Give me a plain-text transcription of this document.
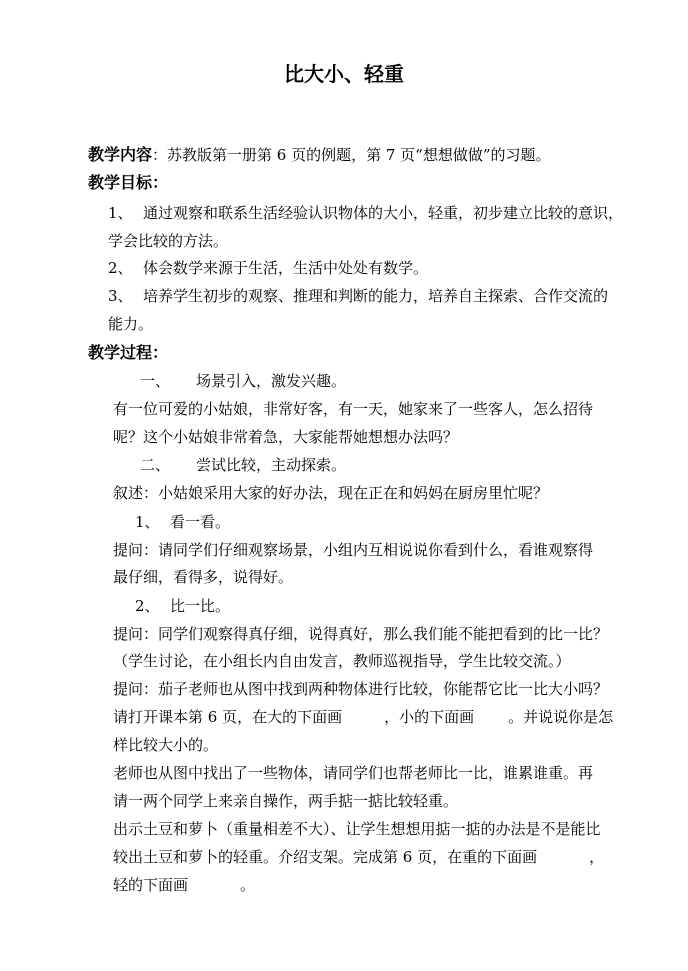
比大小、轻重
教学内容：苏教版第一册第 6 页的例题，第 7 页“想想做做”的习题。
教学目标：
1、 通过观察和联系生活经验认识物体的大小，轻重，初步建立比较的意识，
学会比较的方法。
2、 体会数学来源于生活，生活中处处有数学。
3、 培养学生初步的观察、推理和判断的能力，培养自主探索、合作交流的
能力。
教学过程：
一、 场景引入，激发兴趣。
有一位可爱的小姑娘，非常好客，有一天，她家来了一些客人，怎么招待
呢？这个小姑娘非常着急，大家能帮她想想办法吗？
二、 尝试比较，主动探索。
叙述：小姑娘采用大家的好办法，现在正在和妈妈在厨房里忙呢？
1、 看一看。
提问：请同学们仔细观察场景，小组内互相说说你看到什么，看谁观察得
最仔细，看得多，说得好。
2、 比一比。
提问：同学们观察得真仔细，说得真好，那么我们能不能把看到的比一比？
（学生讨论，在小组长内自由发言，教师巡视指导，学生比较交流。）
提问：茄子老师也从图中找到两种物体进行比较，你能帮它比一比大小吗？
请打开课本第 6 页，在大的下面画	，小的下面画 。并说说你是怎
样比较大小的。
老师也从图中找出了一些物体，请同学们也帮老师比一比，谁累谁重。再
请一两个同学上来亲自操作，两手掂一掂比较轻重。
出示土豆和萝卜（重量相差不大）、让学生想想用掂一掂的办法是不是能比
较出土豆和萝卜的轻重。介绍支架。完成第 6 页，在重的下面画	，
轻的下面画	。
